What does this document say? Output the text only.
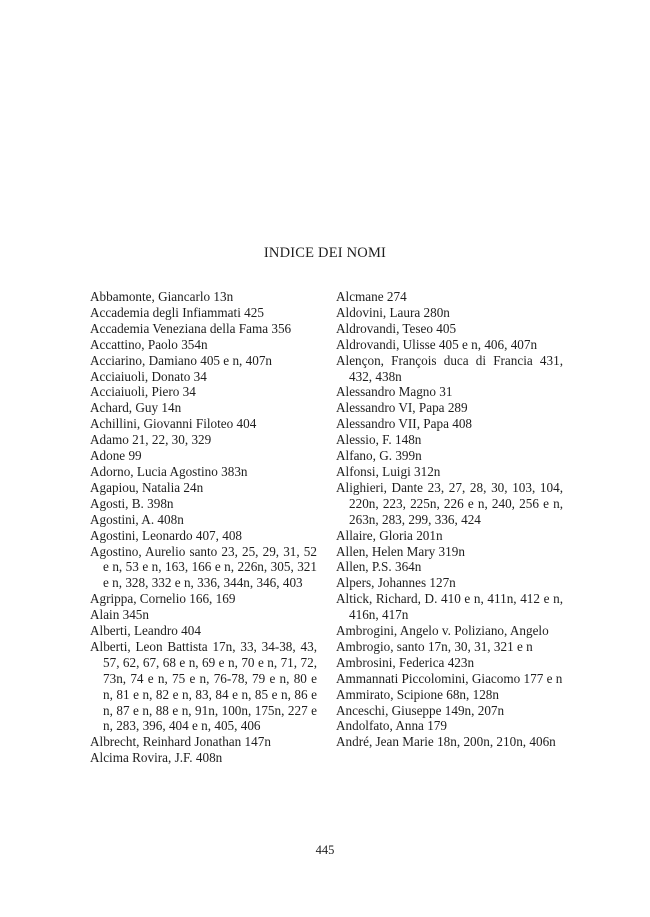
INDICE DEI NOMI

Abbamonte, Giancarlo 13n

Accademia degli Infiammati 425

Accademia Veneziana della Fama 356

Accattino, Paolo 354n

Acciarino, Damiano 405 e n, 407n

Acciaiuoli, Donato 34

Acciaiuoli, Piero 34

Achard, Guy 14n

Achillini, Giovanni Filoteo 404

Adamo 21, 22, 30, 329

Adone 99

Adorno, Lucia Agostino 383n

Agapiou, Natalia 24n

Agosti, B. 398n

Agostini, A. 408n

Agostini, Leonardo 407, 408

Agostino, Aurelio santo 23, 25, 29, 31, 52 e n, 53 e n, 163, 166 e n, 226n, 305, 321 e n, 328, 332 e n, 336, 344n, 346, 403

Agrippa, Cornelio 166, 169

Alain 345n

Alberti, Leandro 404

Alberti, Leon Battista 17n, 33, 34-38, 43, 57, 62, 67, 68 e n, 69 e n, 70 e n, 71, 72, 73n, 74 e n, 75 e n, 76-78, 79 e n, 80 e n, 81 e n, 82 e n, 83, 84 e n, 85 e n, 86 e n, 87 e n, 88 e n, 91n, 100n, 175n, 227 e n, 283, 396, 404 e n, 405, 406

Albrecht, Reinhard Jonathan 147n

Alcima Rovira, J.F. 408n

Alcmane 274

Aldovini, Laura 280n

Aldrovandi, Teseo 405

Aldrovandi, Ulisse 405 e n, 406, 407n

Alençon, François duca di Francia 431, 432, 438n

Alessandro Magno 31

Alessandro VI, Papa 289

Alessandro VII, Papa 408

Alessio, F. 148n

Alfano, G. 399n

Alfonsi, Luigi 312n

Alighieri, Dante 23, 27, 28, 30, 103, 104, 220n, 223, 225n, 226 e n, 240, 256 e n, 263n, 283, 299, 336, 424

Allaire, Gloria 201n

Allen, Helen Mary 319n

Allen, P.S. 364n

Alpers, Johannes 127n

Altick, Richard, D. 410 e n, 411n, 412 e n, 416n, 417n

Ambrogini, Angelo v. Poliziano, Angelo

Ambrogio, santo 17n, 30, 31, 321 e n

Ambrosini, Federica 423n

Ammannati Piccolomini, Giacomo 177 e n

Ammirato, Scipione 68n, 128n

Anceschi, Giuseppe 149n, 207n

Andolfato, Anna 179

André, Jean Marie 18n, 200n, 210n, 406n

445
